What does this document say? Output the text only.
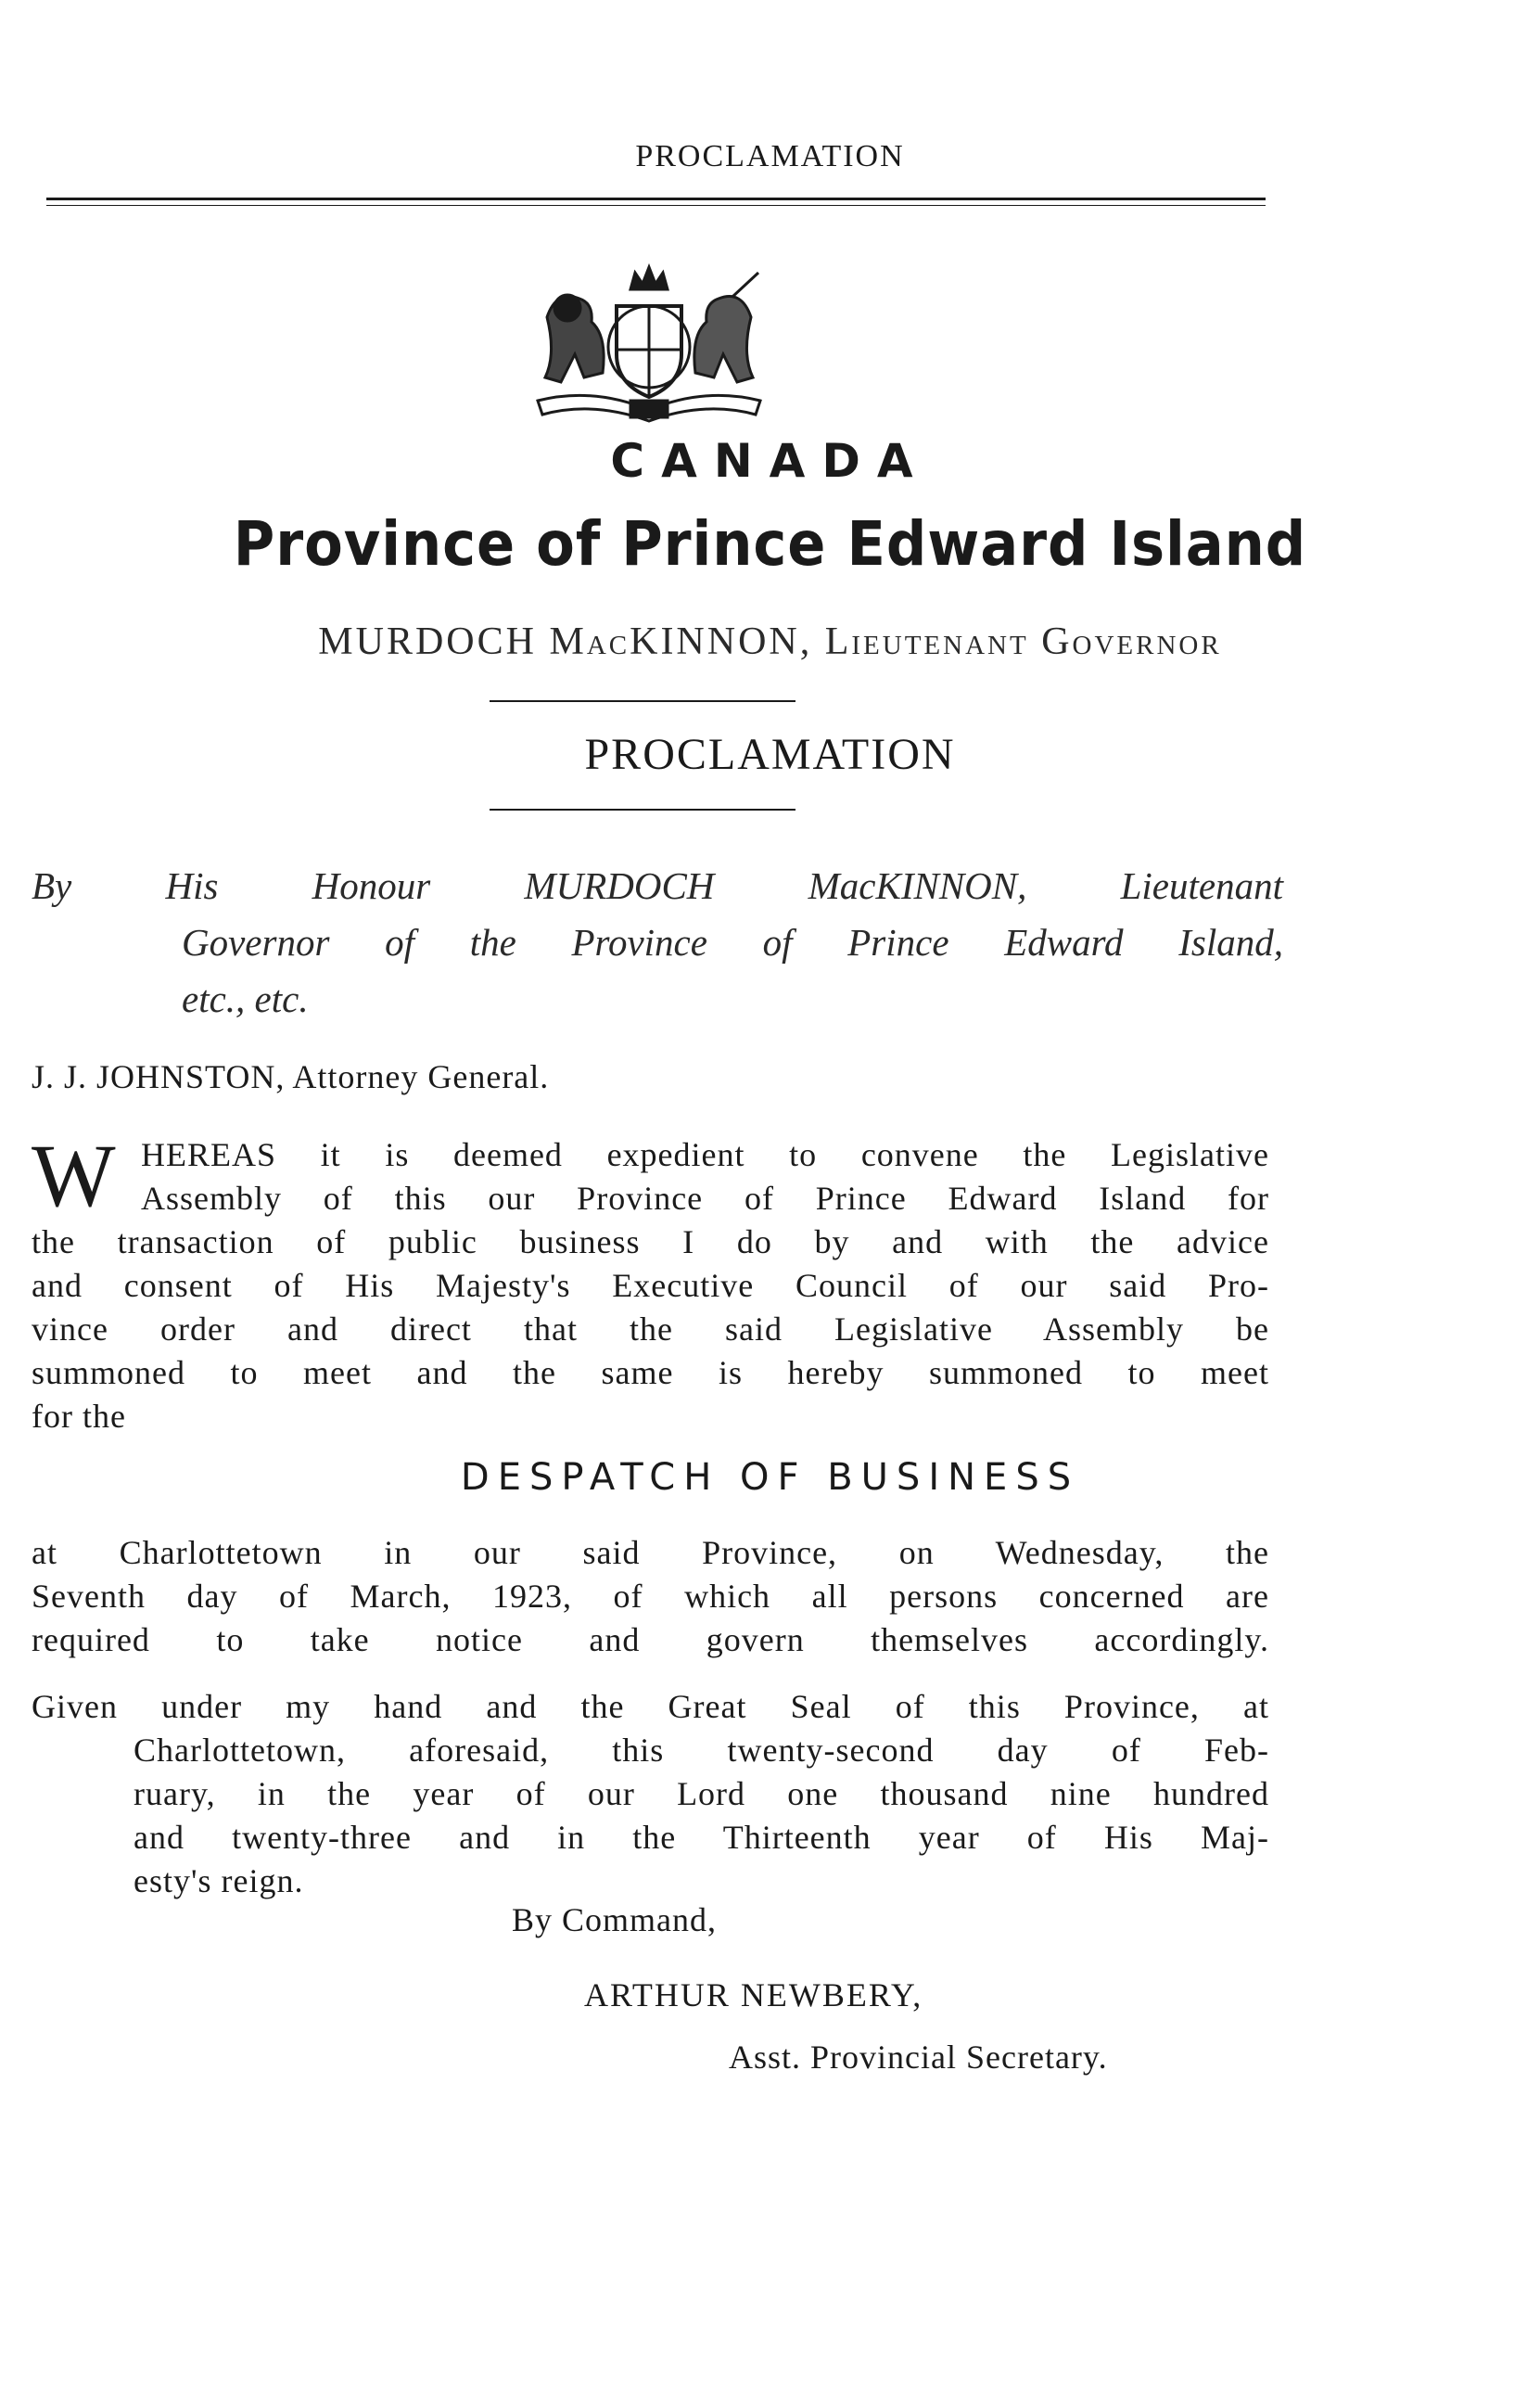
PROCLAMATION
CANADA
Province of Prince Edward Island
MURDOCH MacKINNON, Lieutenant Governor
PROCLAMATION
By His Honour MURDOCH MacKINNON, Lieutenant
Governor of the Province of Prince Edward Island,
etc., etc.
J. J. JOHNSTON, Attorney General.
W HEREAS it is deemed expedient to convene the Legislative
Assembly of this our Province of Prince Edward Island for
the transaction of public business I do by and with the advice
and consent of His Majesty's Executive Council of our said Pro-
vince order and direct that the said Legislative Assembly be
summoned to meet and the same is hereby summoned to meet
for the
DESPATCH OF BUSINESS
at Charlottetown in our said Province, on Wednesday, the
Seventh day of March, 1923, of which all persons concerned are
required to take notice and govern themselves accordingly.
Given under my hand and the Great Seal of this Province, at
Charlottetown, aforesaid, this twenty-second day of Feb-
ruary, in the year of our Lord one thousand nine hundred
and twenty-three and in the Thirteenth year of His Maj-
esty's reign.
By Command,
ARTHUR NEWBERY,
Asst. Provincial Secretary.
